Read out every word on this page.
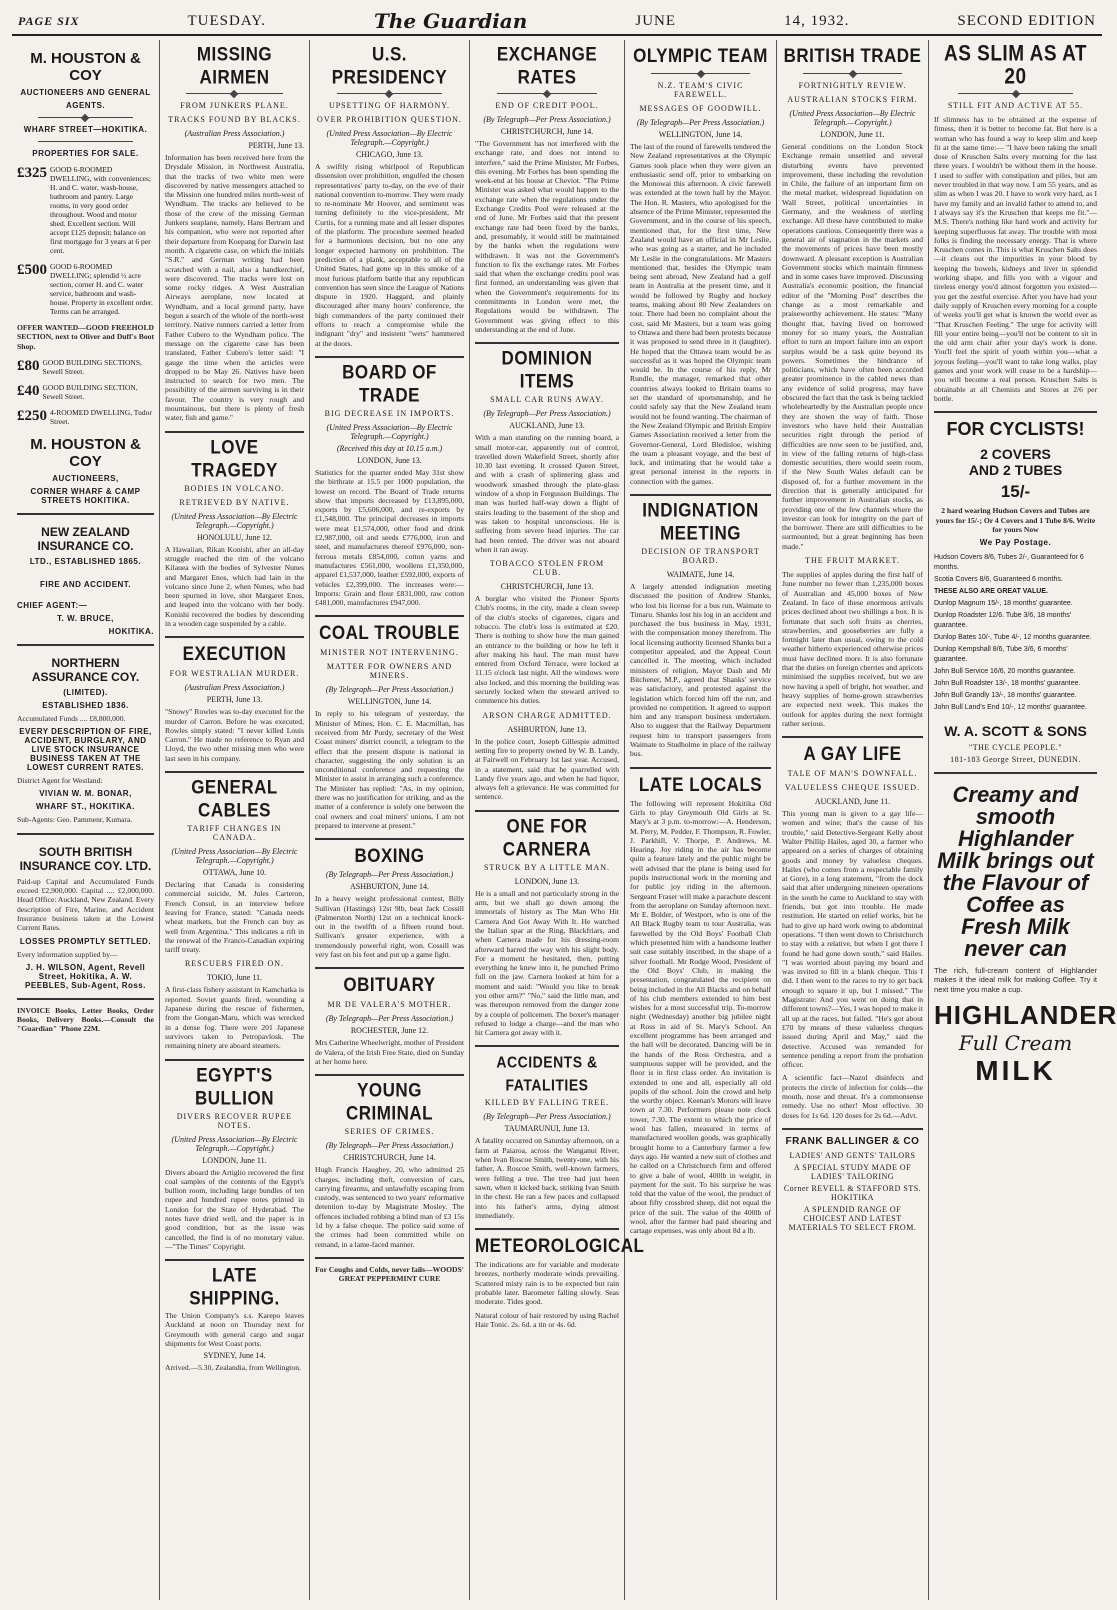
PAGE SIX	TUESDAY.	The Guardian	JUNE	14, 1932.	SECOND EDITION
M. HOUSTON & COY
AUCTIONEERS AND GENERAL
AGENTS.
WHARF STREET—HOKITIKA.
PROPERTIES FOR SALE.
£325 GOOD 6-ROOMED DWELLING, with conveniences; H. and C. water, wash-house, bathroom and pantry. Large rooms, in very good order throughout. Wood and motor shed. Excellent section. Will accept £125 deposit; balance on first mortgage for 3 years at 6 per cent.
£500 GOOD 6-ROOMED DWELLING; splendid ½ acre section, corner H. and C. water service, bathroom and wash-house. Property in excellent order. Terms can be arranged.
OFFER WANTED—GOOD FREEHOLD SECTION, next to Oliver and Duff's Boot Shop.
£80 GOOD BUILDING SECTIONS, Sewell Street.
£40 GOOD BUILDING SECTION, Sewell Street.
£250 4-ROOMED DWELLING, Tudor Street.
M. HOUSTON & COY
AUCTIONEERS,
CORNER WHARF & CAMP STREETS HOKITIKA.
NEW ZEALAND INSURANCE CO.
LTD., ESTABLISHED 1865.
FIRE AND ACCIDENT.
CHIEF AGENT:—
T. W. BRUCE,
HOKITIKA.
NORTHERN ASSURANCE COY.
(LIMITED).
ESTABLISHED 1836.
Accumulated Funds .... £8,800,000.
EVERY DESCRIPTION OF FIRE, ACCIDENT, BURGLARY, AND LIVE STOCK INSURANCE BUSINESS TAKEN AT THE LOWEST CURRENT RATES.
District Agent for Westland:
VIVIAN W. M. BONAR,
WHARF ST., HOKITIKA.
Sub-Agents: Geo. Pammenr, Kumara.
SOUTH BRITISH INSURANCE COY. LTD.
Paid-up Capital and Accumulated Funds exceed £2,900,000. Capital .... £2,000,000. Head Office: Auckland, New Zealand. Every description of Fire, Marine, and Accident Insurance business taken at the Lowest Current Rates.
LOSSES PROMPTLY SETTLED.
Every information supplied by—
J. H. WILSON, Agent, Revell Street, Hokitika, A. W. PEEBLES, Sub-Agent, Ross.
INVOICE Books, Letter Books, Order Books, Delivery Books.—Consult the "Guardian" 'Phone 22M.
MISSING AIRMEN
FROM JUNKERS PLANE.
TRACKS FOUND BY BLACKS.
(Australian Press Association.)
PERTH, June 13.
Information has been received here from the Drysdale Mission, in Northwest Australia, that the tracks of two white men were discovered by native messengers attached to the Mission one hundred miles north-west of Wyndham. The tracks are believed to be those of the crew of the missing German Junkers seaplane, namely, Hans Bertram and his companion, who were not reported after their departure from Koepang for Darwin last month. A cigarette case, on which the initials "S.R." and German writing had been scratched with a nail, also a handkerchief, were discovered. The tracks were lost on some rocky ridges. A West Australian Airways aeroplane, now located at Wyndham, and a local ground party, have begun a search of the whole of the north-west territory. Native runners carried a letter from Father Cubero to the Wyndham police. The message on the cigarette case has been translated, Father Cubero's letter said: "I gauge the time when the articles were dropped to be May 26. Natives have been instructed to search for two men. The possibility of the airmen surviving is in their favour. The country is very rough and mountainous, but there is plenty of fresh water, fish and game."
LOVE TRAGEDY
BODIES IN VOLCANO.
RETRIEVED BY NATIVE.
(United Press Association—By Electric Telegraph.—Copyright.)
HONOLULU, June 12.
A Hawaiian, Rikan Konishi, after an all-day struggle reached the rim of the volcano Kilauea with the bodies of Sylvester Nunes and Margaret Enos, which had lain in the volcano since June 2, when Nunes, who had been spurned in love, shot Margaret Enos, and leaped into the volcano with her body. Konishi recovered the bodies by descending in a wooden cage suspended by a cable.
EXECUTION
FOR WESTRALIAN MURDER.
(Australian Press Association.)
PERTH, June 13.
"Snowy" Rowles was to-day executed for the murder of Carron. Before he was executed, Rowles simply stated: "I never killed Louis Carron." He made no reference to Ryan and Lloyd, the two other missing men who were last seen in his company.
GENERAL CABLES
TARIFF CHANGES IN CANADA.
(United Press Association—By Electric Telegraph.—Copyright.)
OTTAWA, June 10.
Declaring that Canada is considering commercial suicide, M. Jules Carteron, French Consul, in an interview before leaving for France, stated: "Canada needs wheat markets, but the French can buy as well from Argentina." This indicates a rift in the renewal of the Franco-Canadian expiring tariff treaty.
RESCUERS FIRED ON.
TOKIO, June 11.
A first-class fishery assistant in Kamchatka is reported. Soviet guards fired, wounding a Japanese during the rescue of fishermen, from the Gongan-Maru, which was wrecked in a dense fog. There were 201 Japanese survivors taken to Petropavlosk. The remaining ninety are aboard steamers.
EGYPT'S BULLION
DIVERS RECOVER RUPEE NOTES.
(United Press Association—By Electric Telegraph.—Copyright.)
LONDON, June 11.
Divers aboard the Artiglio recovered the first coal samples of the contents of the Egypt's bullion room, including large bundles of ten rupee and hundred rupee notes printed in London for the State of Hyderabad. The notes have dried well, and the paper is in good condition, but as the issue was cancelled, the find is of no monetary value.—"The Times" Copyright.
LATE SHIPPING.
The Union Company's s.s. Karepo leaves Auckland at noon on Thursday next for Greymouth with general cargo and sugar shipments for West Coast ports.
SYDNEY, June 14.
Arrived.—5.30, Zealandia, from Wellington.
U.S. PRESIDENCY
UPSETTING OF HARMONY.
OVER PROHIBITION QUESTION.
(United Press Association—By Electric Telegraph.—Copyright.)
CHICAGO, June 13.
A swiftly rising whirlpool of Republican dissension over prohibition, engulfed the chosen representatives' party to-day, on the eve of their national convention to-morrow. They were ready to re-nominate Mr Hoover, and sentiment was turning definitely to the vice-president, Mr Curtis, for a running mate and all lesser disputes of the platform. The procedure seemed headed for a harmonious decision, but no one any longer expected harmony on prohibition. The prediction of a plank, acceptable to all of the United States, had gone up in this smoke of a most furious platform battle that any republican convention has seen since the League of Nations dispute in 1920. Haggard, and plainly discouraged after many hours' conference, the high commanders of the party continued their efforts to reach a compromise while the indignant "dry" and insistent "wets" hammered at the doors.
BOARD OF TRADE
BIG DECREASE IN IMPORTS.
(United Press Association—By Electric Telegraph.—Copyright.)
(Received this day at 10.15 a.m.)
LONDON, June 13.
Statistics for the quarter ended May 31st show the birthrate at 15.5 per 1000 population, the lowest on record. The Board of Trade returns show that imports decreased by £13,895,000, exports by £5,606,000, and re-exports by £1,548,000. The principal decreases in imports were meat £1,574,000, other food and drink £2,987,000, oil and seeds £776,000, iron and steel, and manufactures thereof £976,000, non-ferrous metals £854,000, cotton yarns and manufactures £561,000, woollens £1,350,000, apparel £1,537,000, leather £592,000, exports of vehicles £2,399,000. The increases were:—Imports: Grain and flour £831,000, raw cotton £481,000, manufactures £947,000.
COAL TROUBLE
MINISTER NOT INTERVENING.
MATTER FOR OWNERS AND MINERS.
(By Telegraph—Per Press Association.)
WELLINGTON, June 14.
In reply to his telegram of yesterday, the Minister of Mines, Hon. C. E. Macmillan, has received from Mr Purdy, secretary of the West Coast miners' district council, a telegram to the effect that the present dispute is national in character, suggesting the only solution is an unconditional conference and requesting the Minister to assist in arranging such a conference. The Minister has replied: "As, in my opinion, there was no justification for striking, and as the matter of a conference is solely one between the coal owners and coal miners' unions, I am not prepared to intervene at present."
BOXING
(By Telegraph—Per Press Association.)
ASHBURTON, June 14.
In a heavy weight professional contest, Billy Sullivan (Hastings) 12st 9lb, beat Jack Cossill (Palmerston North) 12st on a technical knock-out in the twelfth of a fifteen round bout. Sullivan's greater experience, with a tremendously powerful right, won. Cossill was very fast on his feet and put up a game fight.
OBITUARY
MR DE VALERA'S MOTHER.
(By Telegraph—Per Press Association.)
ROCHESTER, June 12.
Mrs Catherine Wheelwright, mother of President de Valera, of the Irish Free State, died on Sunday at her home here.
YOUNG CRIMINAL
SERIES OF CRIMES.
(By Telegraph—Per Press Association.)
CHRISTCHURCH, June 14.
Hugh Francis Haughey, 20, who admitted 25 charges, including theft, conversion of cars, carrying firearms, and unlawfully escaping from custody, was sentenced to two years' reformative detention to-day by Magistrate Mosley. The offences included robbing a blind man of £3 15s 1d by a false cheque. The police said some of the crimes had been committed while on remand, in a lame-faced manner.
For Coughs and Colds, never fails—WOODS' GREAT PEPPERMINT CURE
EXCHANGE RATES
END OF CREDIT POOL.
(By Telegraph—Per Press Association.)
CHRISTCHURCH, June 14.
"The Government has not interfered with the exchange rate, and does not intend to interfere," said the Prime Minister, Mr Forbes, this evening. Mr Forbes has been spending the week-end at his house at Cheviot. "The Prime Minister was asked what would happen to the exchange rate when the regulations under the Exchange Credits Pool were released at the end of June. Mr Forbes said that the present exchange rate had been fixed by the banks, and, presumably, it would still be maintained by the banks when the regulations were withdrawn. It was not the Government's function to fix the exchange rates. Mr Forbes said that when the exchange credits pool was first formed, an understanding was given that when the Government's requirements for its commitments in London were met, the Regulations would be withdrawn. The Government was giving effect to this understanding at the end of June.
DOMINION ITEMS
SMALL CAR RUNS AWAY.
(By Telegraph—Per Press Association.)
AUCKLAND, June 13.
With a man standing on the running board, a small motor-car, apparently out of control, travelled down Wakefield Street, shortly after 10.30 last evening. It crossed Queen Street, and with a crash of splintering glass and woodwork smashed through the plate-glass window of a shop in Fergusson Buildings. The man was hurled half-way down a flight of stairs leading to the basement of the shop and was taken to hospital unconscious. He is suffering from severe head injuries. The car had been rented. The driver was not aboard when it ran away.
TOBACCO STOLEN FROM CLUB.
CHRISTCHURCH, June 13.
A burglar who visited the Pioneer Sports Club's rooms, in the city, made a clean sweep of the club's stocks of cigarettes, cigars and tobacco. The club's loss is estimated at £20. There is nothing to show how the man gained an entrance to the building or how he left it after making his haul. The man must have entered from Oxford Terrace, were locked at 11.15 o'clock last night. All the windows were also locked, and this morning the building was securely locked when the steward arrived to commence his duties.
ARSON CHARGE ADMITTED.
ASHBURTON, June 13.
In the police court, Joseph Gillespie admitted setting fire to property owned by W. B. Landy, at Fairwell on February 1st last year. Accused, in a statement, said that he quarrelled with Landy five years ago, and when he had liquor, always felt a grievance. He was committed for sentence.
ONE FOR CARNERA
STRUCK BY A LITTLE MAN.
LONDON, June 13.
He is a small and not particularly strong in the arm, but we shall go down among the immortals of history as The Man Who Hit Carnera And Got Away With It. He watched the Italian spar at the Ring, Blackfriars, and when Carnera made for his dressing-room afterward barred the way with his slight body. For a moment he hesitated, then, putting everything he knew into it, he punched Primo full on the jaw. Carnera looked at him for a moment and said: "Would you like to break you other arm?" "No," said the little man, and was thereupon removed from the danger zone by a couple of policemen. The boxer's manager refused to lodge a charge—and the man who hit Carnera got away with it.
ACCIDENTS & FATALITIES
KILLED BY FALLING TREE.
(By Telegraph—Per Press Association.)
TAUMARUNUI, June 13.
A fatality occurred on Saturday afternoon, on a farm at Paiaroa, across the Wanganui River, when Ivan Roscoe Smith, twenty-one, with his father, A. Roscoe Smith, well-known farmers, were felling a tree. The tree had just been sawn, when it kicked back, striking Ivan Smith in the chest. He ran a few paces and collapsed into his father's arms, dying almost immediately.
METEOROLOGICAL
The indications are for variable and moderate breezes, northerly moderate winds prevailing. Scattered misty rain is to be expected but rain probable later. Barometer falling slowly. Seas moderate. Tides good.
Natural colour of hair restored by using Rachel Hair Tonic. 2s. 6d. a tin or 4s. 6d.
OLYMPIC TEAM
N.Z. TEAM'S CIVIC FAREWELL.
MESSAGES OF GOODWILL.
(By Telegraph—Per Press Association.)
WELLINGTON, June 14.
The last of the round of farewells tendered the New Zealand representatives at the Olympic Games took place when they were given an enthusiastic send off, prior to embarking on the Monowai this afternoon. A civic farewell was extended at the town hall by the Mayor. The Hon. R. Masters, who apologised for the absence of the Prime Minister, represented the Government, and in the course of his speech, mentioned that, for the first time, New Zealand would have an official in Mr Leslie, who was going as a starter, and he included Mr Leslie in the congratulations. Mr Masters mentioned that, besides the Olympic team being sent abroad, New Zealand had a golf team in Australia at the present time, and it would be followed by Rugby and hockey teams, making about 80 New Zealanders on tour. There had been no complaint about the cost, said Mr Masters, but a team was going to Ottawa and there had been protests because it was proposed to send three in it (laughter). He hoped that the Ottawa team would be as successful as it was hoped the Olympic team would be. In the course of his reply, Mr Rundle, the manager, remarked that other countries always looked to Britain teams to set the standard of sportsmanship, and he could safely say that the New Zealand team would not be found wanting. The chairman of the New Zealand Olympic and British Empire Games Association received a letter from the Governor-General, Lord Bledisloe, wishing the team a pleasant voyage, and the best of luck, and intimating that he would take a great personal interest in the reports in connection with the games.
INDIGNATION MEETING
DECISION OF TRANSPORT BOARD.
WAIMATE, June 14.
A largely attended indignation meeting discussed the position of Andrew Shanks, who lost his license for a bus run, Waimate to Timaru. Shanks lost his log in an accident and purchased the bus business in May, 1931, with the compensation money therefrom. The local licensing authority licensed Shanks but a competitor appealed, and the Appeal Court cancelled it. The meeting, which included ministers of religion, Mayor Dash and Mr Bitchener, M.P., agreed that Shanks' service was satisfactory, and protested against the legislation which forced him off the run, and provided no competition. It agreed to support him and any transport business undertaken. Also to suggest that the Railway Department request him to transport passengers from Waimate to Studholme in place of the railway bus.
LATE LOCALS
The following will represent Hokitika Old Girls to play Greymouth Old Girls at St. Mary's at 3 p.m. to-morrow:—A. Henderson, M. Perry, M. Pedder, F. Thompson, R. Fowler, J. Parkhill, V. Thorpe, P. Andrews, M. Hearing. Joy riding in the air has become quite a feature lately and the public might be well advised that the plane is being used for pupils instructional work in the morning and for public joy riding in the afternoon. Sergeant Fraser will make a parachute descent from the aeroplane on Sunday afternoon next. Mr E. Bolder, of Westport, who is one of the All Black Rugby team to tour Australia, was farewelled by the Old Boys' Football Club which presented him with a handsome leather suit case suitably inscribed, in the shape of a silver football. Mr Rodge Wood, President of the Old Boys' Club, in making the presentation, congratulated the recipient on being included in the All Blacks and on behalf of his club members extended to him best wishes for a most successful trip. To-morrow night (Wednesday) another big jubilee night at Ross in aid of St. Mary's School. An excellent programme has been arranged and the hall will be decorated. Dancing will be in the hands of the Ross Orchestra, and a sumptuous supper will be provided, and the floor is in first class order. An invitation is extended to one and all, especially all old pupils of the school. Join the crowd and help the worthy object. Keenan's Motors will leave town at 7.30. Performers please note clock tower, 7.30. The extent to which the price of wool has fallen, measured in terms of manufactured woollen goods, was graphically brought home to a Canterbury farmer a few days ago. He wanted a new suit of clothes and he called on a Christchurch firm and offered to give a bale of wool, 400lb in weight, in payment for the suit. To his surprise he was told that the value of the wool, the product of about fifty crossbred sheep, did not equal the price of the suit. The value of the 400lb of wool, after the farmer had paid shearing and cartage expenses, was only about 8d a lb.
BRITISH TRADE
FORTNIGHTLY REVIEW.
AUSTRALIAN STOCKS FIRM.
(United Press Association—By Electric Telegraph.—Copyright.)
LONDON, June 11.
General conditions on the London Stock Exchange remain unsettled and several disturbing events have prevented improvement, these including the revolution in Chile, the failure of an important firm on the metal market, widespread liquidation on Wall Street, political uncertainties in Germany, and the weakness of sterling exchange. All these have contributed to make operations cautious. Consequently there was a general air of stagnation in the markets and the movements of prices have been mostly downward. A pleasant exception is Australian Government stocks which maintain firmness and in some cases have improved. Discussing Australia's economic position, the financial editor of the "Morning Post" describes the change as a most remarkable and praiseworthy achievement. He states: "Many thought that, having lived on borrowed money for so many years, the Australian effort to turn an import failure into an export surplus would be a task quite beyond its powers. Sometimes the hindrance of politicians, which have often been accorded greater prominence in the cabled news than any evidence of solid progress, may have obscured the fact that the task is being tackled wholeheartedly by the Australian people once they are shown the way of faith. Those investors who have held their Australian securities right through the period of difficulties are now seen to be justified, and, in view of the falling returns of high-class domestic securities, there would seem room, if the New South Wales default can be disposed of, for a further movement in the direction that is generally anticipated for further improvement in Australian stocks, as providing one of the few channels where the investor can look for integrity on the part of the borrower. There are still difficulties to be surmounted, but a great beginning has been made."
THE FRUIT MARKET.
The supplies of apples during the first half of June number no fewer than 1,235,000 boxes of Australian and 45,000 boxes of New Zealand. In face of these enormous arrivals prices declined about two shillings a box. It is fortunate that such soft fruits as cherries, strawberries, and gooseberries are fully a fortnight later than usual, owing to the cold weather hitherto experienced otherwise prices must have declined more. It is also fortunate that the duties on foreign cherries and apricots minimised the supplies received, but we are now having a spell of bright, hot weather, and heavy supplies of home-grown strawberries are expected next week. This makes the outlook for apples during the next fortnight rather serious.
A GAY LIFE
TALE OF MAN'S DOWNFALL.
VALUELESS CHEQUE ISSUED.
AUCKLAND, June 11.
This young man is given to a gay life—women and wine; that's the cause of his trouble," said Detective-Sergeant Kelly about Walter Phillip Hailes, aged 30, a farmer who appeared on a series of charges of obtaining goods and money by valueless cheques. Hailes (who comes from a respectable family at Gore), in a long statement, "from the dock said that after undergoing nineteen operations in the south he came to Auckland to stay with friends, but got into trouble. He made restitution. He started on relief works, but he had to give up hard work owing to abdominal operations. "I then went down to Christchurch to stay with a relative, but when I got there I found he had gone down south," said Hailes. "I was worried about paying my board and was invited to fill in a blank cheque. This I did. I then went to the races to try to get back enough to square it up, but I missed." The Magistrate: And you went on doing that in different towns?—Yes, I was hoped to make it all up at the races, but failed. "He's got about £70 by means of these valueless cheques issued during April and May," said the detective. Accused was remanded for sentence pending a report from the probation officer.
A scientific fact—Nazol disinfects and protects the circle of infection for colds—the mouth, nose and throat. It's a commonsense remedy. Use no other! Most effective. 30 doses for 1s 6d. 120 doses for 2s 6d.—Advt.
FRANK BALLINGER & CO
LADIES' AND GENTS' TAILORS
A SPECIAL STUDY MADE OF LADIES' TAILORING
Corner REVELL & STAFFORD STS. HOKITIKA
A SPLENDID RANGE OF CHOICEST AND LATEST MATERIALS TO SELECT FROM.
AS SLIM AS AT 20
STILL FIT AND ACTIVE AT 55.
If slimness has to be obtained at the expense of fitness, then it is better to become fat. But here is a woman who has found a way to keep slim and keep fit at the same time:— "I have been taking the small dose of Kruschen Salts every morning for the last three years. I wouldn't be without them in the house. I used to suffer with constipation and piles, but am never troubled in that way now. I am 55 years, and as slim as when I was 20. I have to work very hard, as I have my family and an invalid father to attend to, and I always say it's the Kruschen that keeps me fit."—M.S. There's nothing like hard work and activity for keeping superfluous fat away. The trouble with most folks is finding the necessary energy. That is where Kruschen comes in. This is what Kruschen Salts does—it cleans out the impurities in your blood by keeping the bowels, kidneys and liver in splendid working shape, and fills you with a vigour and tireless energy you'd almost forgotten you existed—you get the zestful exercise. After you have had your daily supply of Kruschen every morning for a couple of weeks you'll get what is known the world over as "That Kruschen Feeling." The urge for activity will fill your entire being—you'll not be content to sit in the old arm chair after your day's work is done. You'll feel the spirit of youth within you—what a joyous feeling—you'll want to take long walks, play games and your work will cease to be a hardship—you will become a real person. Kruschen Salts is obtainable at all Chemists and Stores at 2/6 per bottle.
FOR CYCLISTS!
2 COVERS
AND 2 TUBES
15/-
2 hard wearing Hudson Covers and Tubes are yours for 15/-; Or 4 Covers and 1 Tube 8/6. Write for yours Now
We Pay Postage.
Hudson Covers 8/6, Tubes 2/-, Guaranteed for 6 months.
Scotia Covers 8/6, Guaranteed 6 months.
THESE ALSO ARE GREAT VALUE.
Dunlop Magnum 15/-, 18 months' guarantee.
Dunlop Roadster 12/6. Tube 3/6, 18 months' guarantee.
Dunlop Bates 10/-, Tube 4/-, 12 months guarantee.
Dunlop Kempshall 8/6, Tube 3/6, 6 months' guarantee.
John Bull Service 16/6, 20 months guarantee.
John Bull Roadster 13/-, 18 months' guarantee.
John Bull Grandly 13/-, 18 months' guarantee.
John Bull Land's End 10/-, 12 months' guarantee.
W. A. SCOTT & SONS
"THE CYCLE PEOPLE."
181-183 George Street, DUNEDIN.
Creamy and smooth Highlander Milk brings out the Flavour of Coffee as Fresh Milk never can
The rich, full-cream content of Highlander makes it the ideal milk for making Coffee. Try it next time you make a cup.
HIGHLANDER
Full Cream
MILK
